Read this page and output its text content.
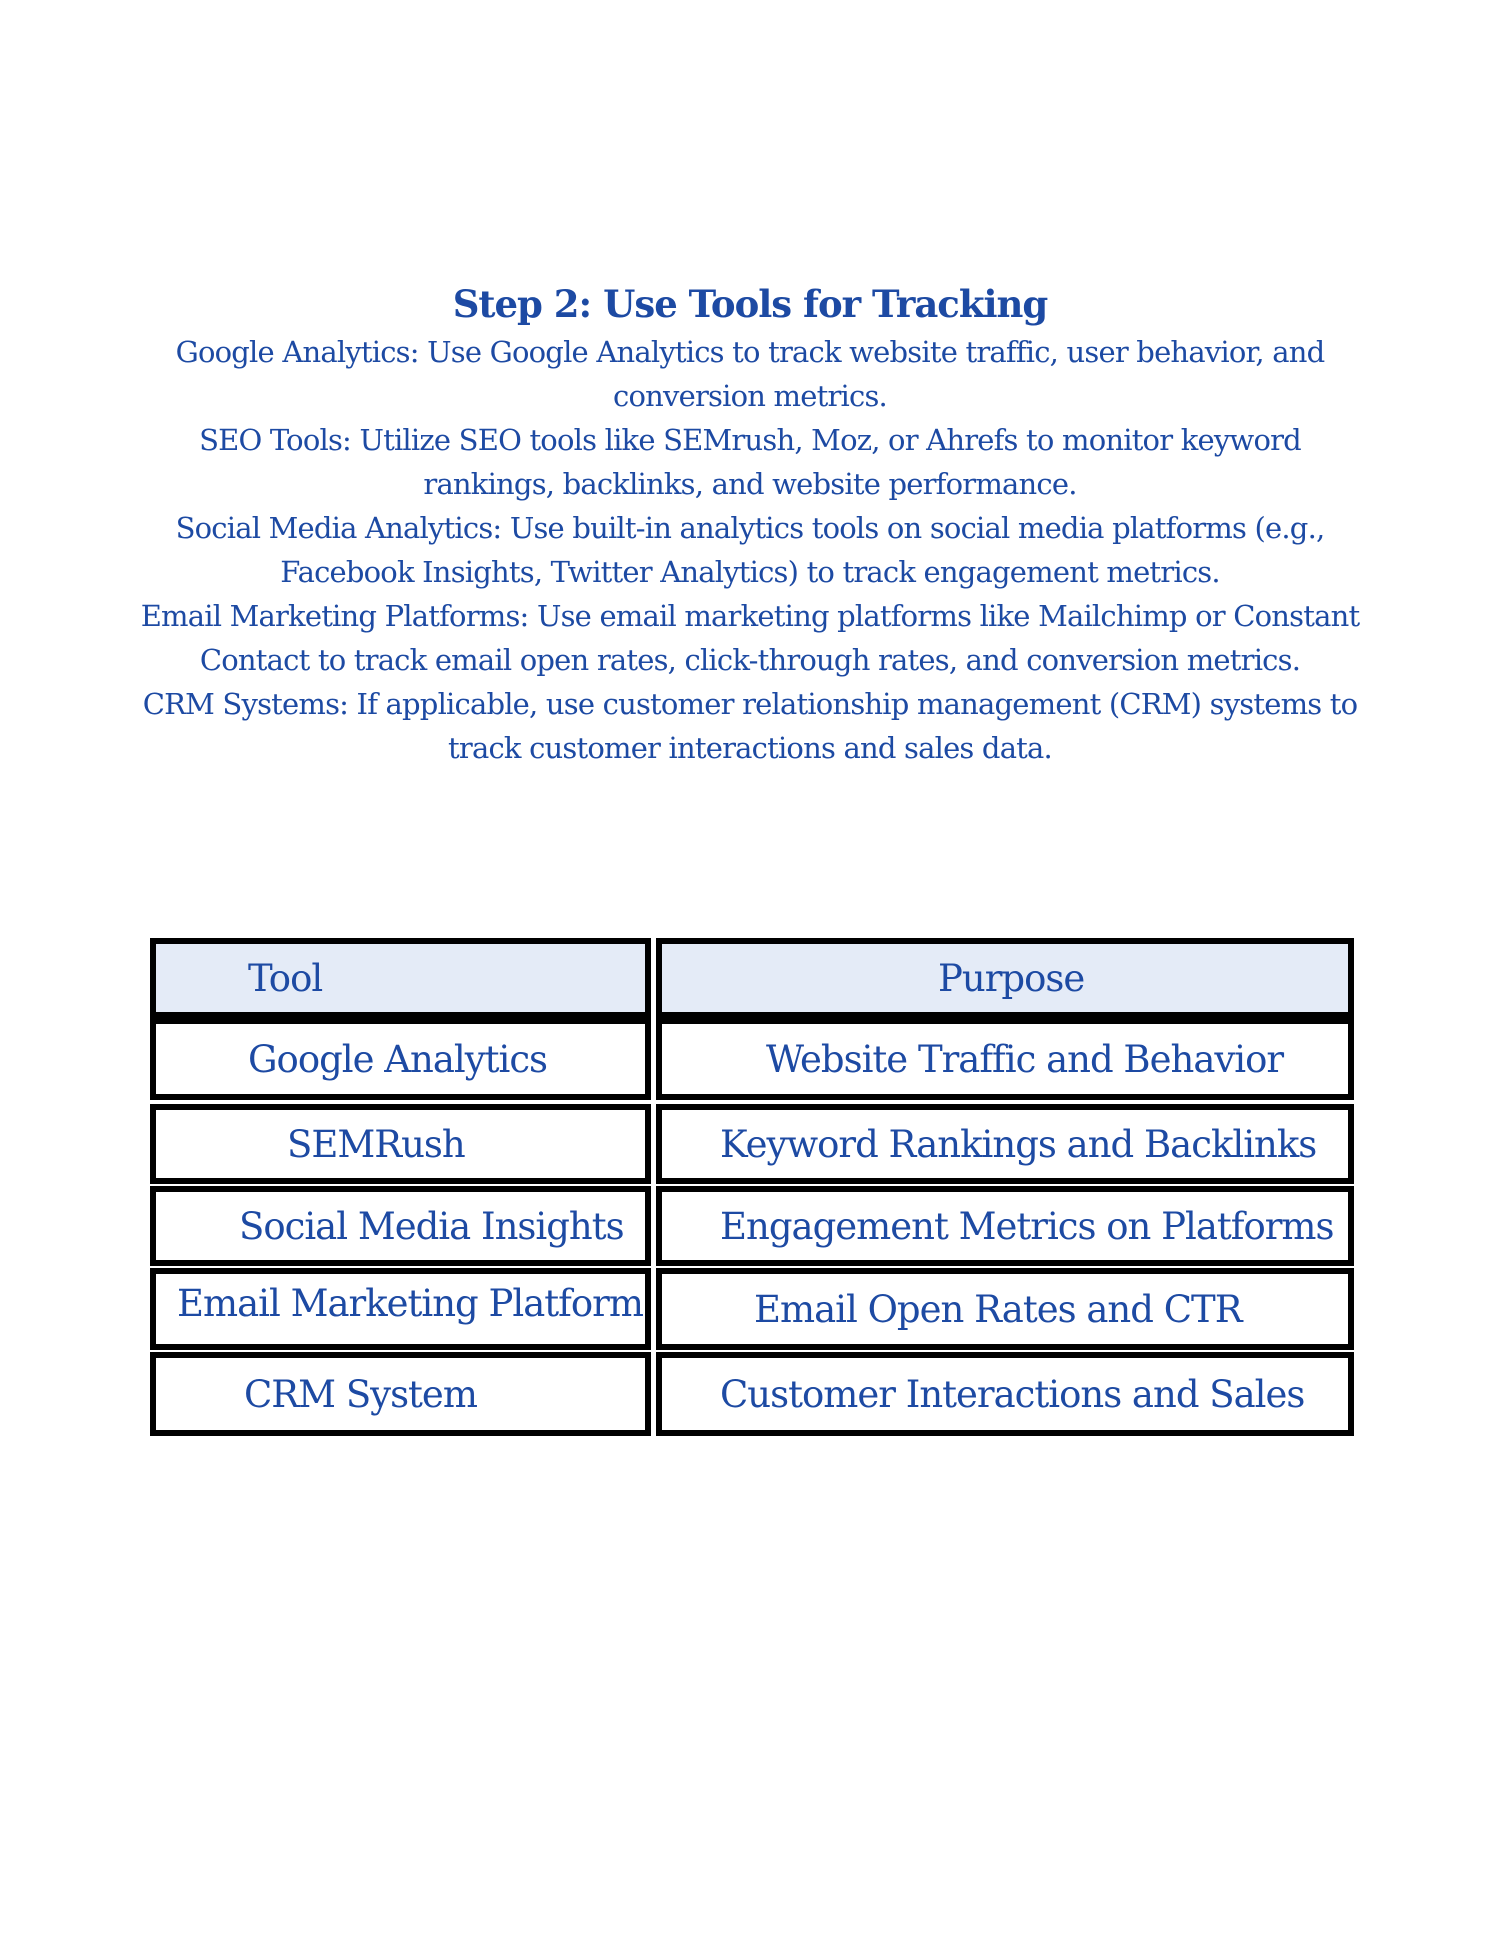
Step 2: Use Tools for Tracking

Google Analytics: Use Google Analytics to track website traffic, user behavior, and
conversion metrics.

SEO Tools: Utilize SEO tools like SEMrush, Moz, or Ahrefs to monitor keyword
rankings, backlinks, and website performance.

Social Media Analytics: Use built-in analytics tools on social media platforms (e.g.,
Facebook Insights, Twitter Analytics) to track engagement metrics.

Email Marketing Platforms: Use email marketing platforms like Mailchimp or Constant
Contact to track email open rates, click-through rates, and conversion metrics.

CRM Systems: If applicable, use customer relationship management (CRM) systems to
track customer interactions and sales data.

Tool	Purpose
Google Analytics	Website Traffic and Behavior
SEMRush	Keyword Rankings and Backlinks
Social Media Insights	Engagement Metrics on Platforms
Email Marketing Platform	Email Open Rates and CTR
CRM System	Customer Interactions and Sales
